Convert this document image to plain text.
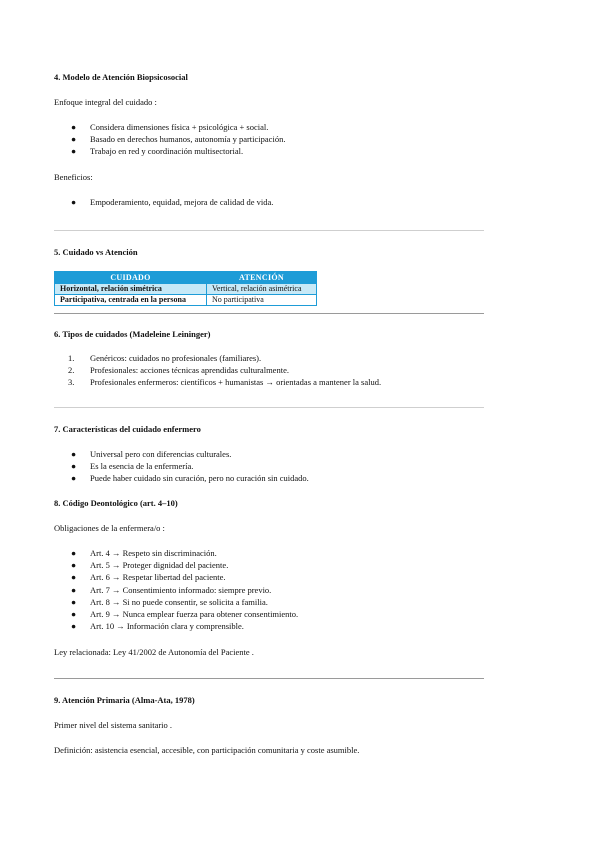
4. Modelo de Atención Biopsicosocial
Enfoque integral del cuidado :
●	Considera dimensiones física + psicológica + social.
●	Basado en derechos humanos, autonomía y participación.
●	Trabajo en red y coordinación multisectorial.
Beneficios:
●	Empoderamiento, equidad, mejora de calidad de vida.
5. Cuidado vs Atención
CUIDADO	ATENCIÓN
Horizontal, relación simétrica	Vertical, relación asimétrica
Participativa, centrada en la persona	No participativa
6. Tipos de cuidados (Madeleine Leininger)
1.	Genéricos: cuidados no profesionales (familiares).
2.	Profesionales: acciones técnicas aprendidas culturalmente.
3.	Profesionales enfermeros: científicos + humanistas → orientadas a mantener la salud.
7. Características del cuidado enfermero
●	Universal pero con diferencias culturales.
●	Es la esencia de la enfermería.
●	Puede haber cuidado sin curación, pero no curación sin cuidado.
8. Código Deontológico (art. 4–10)
Obligaciones de la enfermera/o :
●	Art. 4 → Respeto sin discriminación.
●	Art. 5 → Proteger dignidad del paciente.
●	Art. 6 → Respetar libertad del paciente.
●	Art. 7 → Consentimiento informado: siempre previo.
●	Art. 8 → Si no puede consentir, se solicita a familia.
●	Art. 9 → Nunca emplear fuerza para obtener consentimiento.
●	Art. 10 → Información clara y comprensible.
Ley relacionada: Ley 41/2002 de Autonomía del Paciente .
9. Atención Primaria (Alma-Ata, 1978)
Primer nivel del sistema sanitario .
Definición: asistencia esencial, accesible, con participación comunitaria y coste asumible.
